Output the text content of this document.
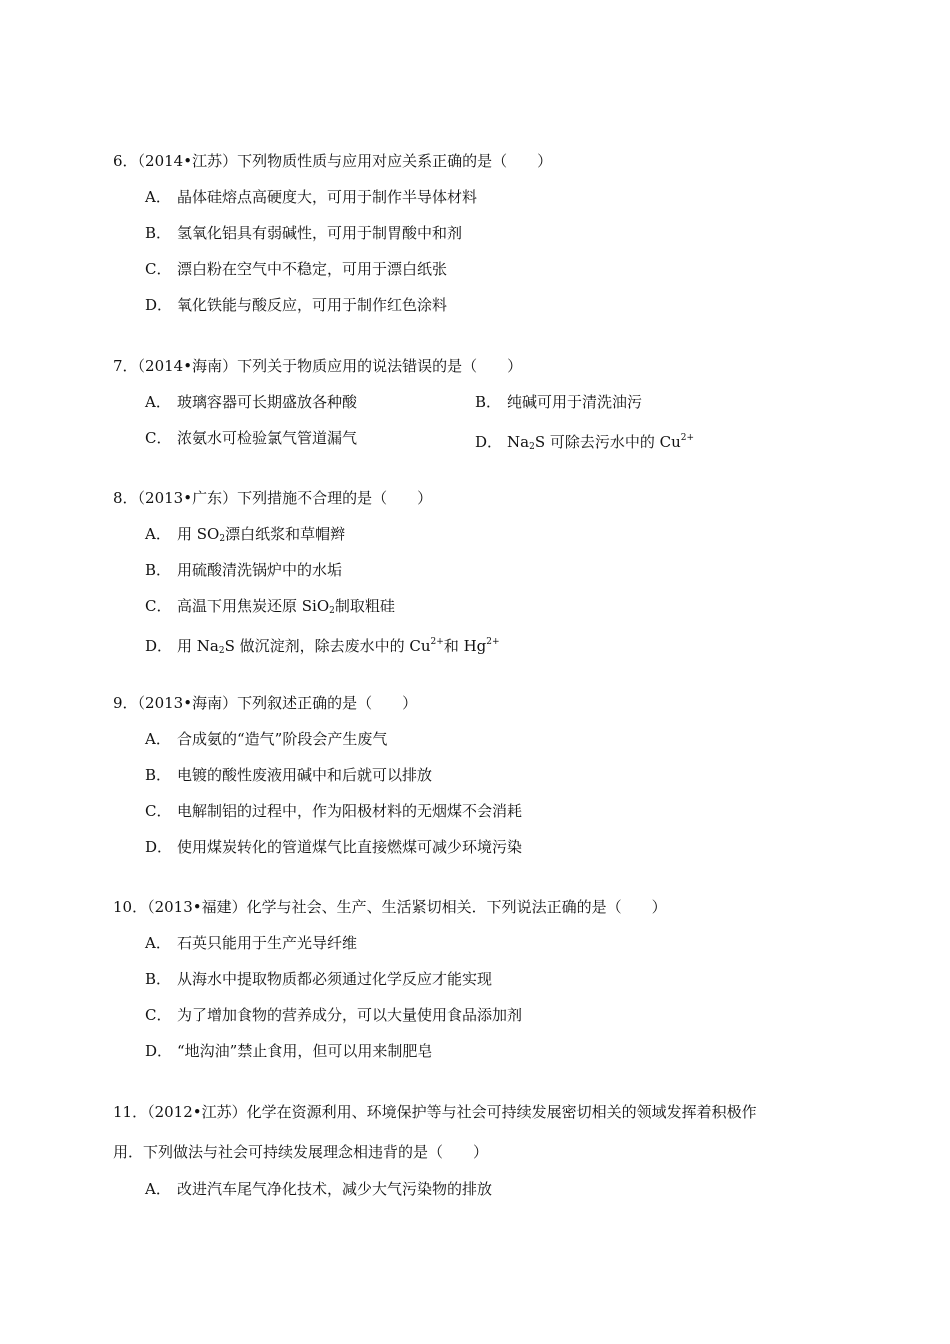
6．（2014•江苏）下列物质性质与应用对应关系正确的是（　　）
A． 晶体硅熔点高硬度大，可用于制作半导体材料
B． 氢氧化铝具有弱碱性，可用于制胃酸中和剂
C． 漂白粉在空气中不稳定，可用于漂白纸张
D． 氧化铁能与酸反应，可用于制作红色涂料
7．（2014•海南）下列关于物质应用的说法错误的是（　　）
A． 玻璃容器可长期盛放各种酸	B． 纯碱可用于清洗油污
C． 浓氨水可检验氯气管道漏气	D． $Na_2S$ 可除去污水中的 $Cu^{2+}$
8．（2013•广东）下列措施不合理的是（　　）
A． 用 $SO_2$漂白纸浆和草帽辫
B． 用硫酸清洗锅炉中的水垢
C． 高温下用焦炭还原 SiO$_2$制取粗硅
D． 用 $Na_2S$ 做沉淀剂，除去废水中的 $Cu^{2+}$和 $Hg^{2+}$
9．（2013•海南）下列叙述正确的是（　　）
A． 合成氨的“造气”阶段会产生废气
B． 电镀的酸性废液用碱中和后就可以排放
C． 电解制铝的过程中，作为阳极材料的无烟煤不会消耗
D． 使用煤炭转化的管道煤气比直接燃煤可减少环境污染
10．（2013•福建）化学与社会、生产、生活紧切相关．下列说法正确的是（　　）
A． 石英只能用于生产光导纤维
B． 从海水中提取物质都必须通过化学反应才能实现
C． 为了增加食物的营养成分，可以大量使用食品添加剂
D． “地沟油”禁止食用，但可以用来制肥皂
11．（2012•江苏）化学在资源利用、环境保护等与社会可持续发展密切相关的领域发挥着积极作
用．下列做法与社会可持续发展理念相违背的是（　　）
A． 改进汽车尾气净化技术，减少大气污染物的排放
